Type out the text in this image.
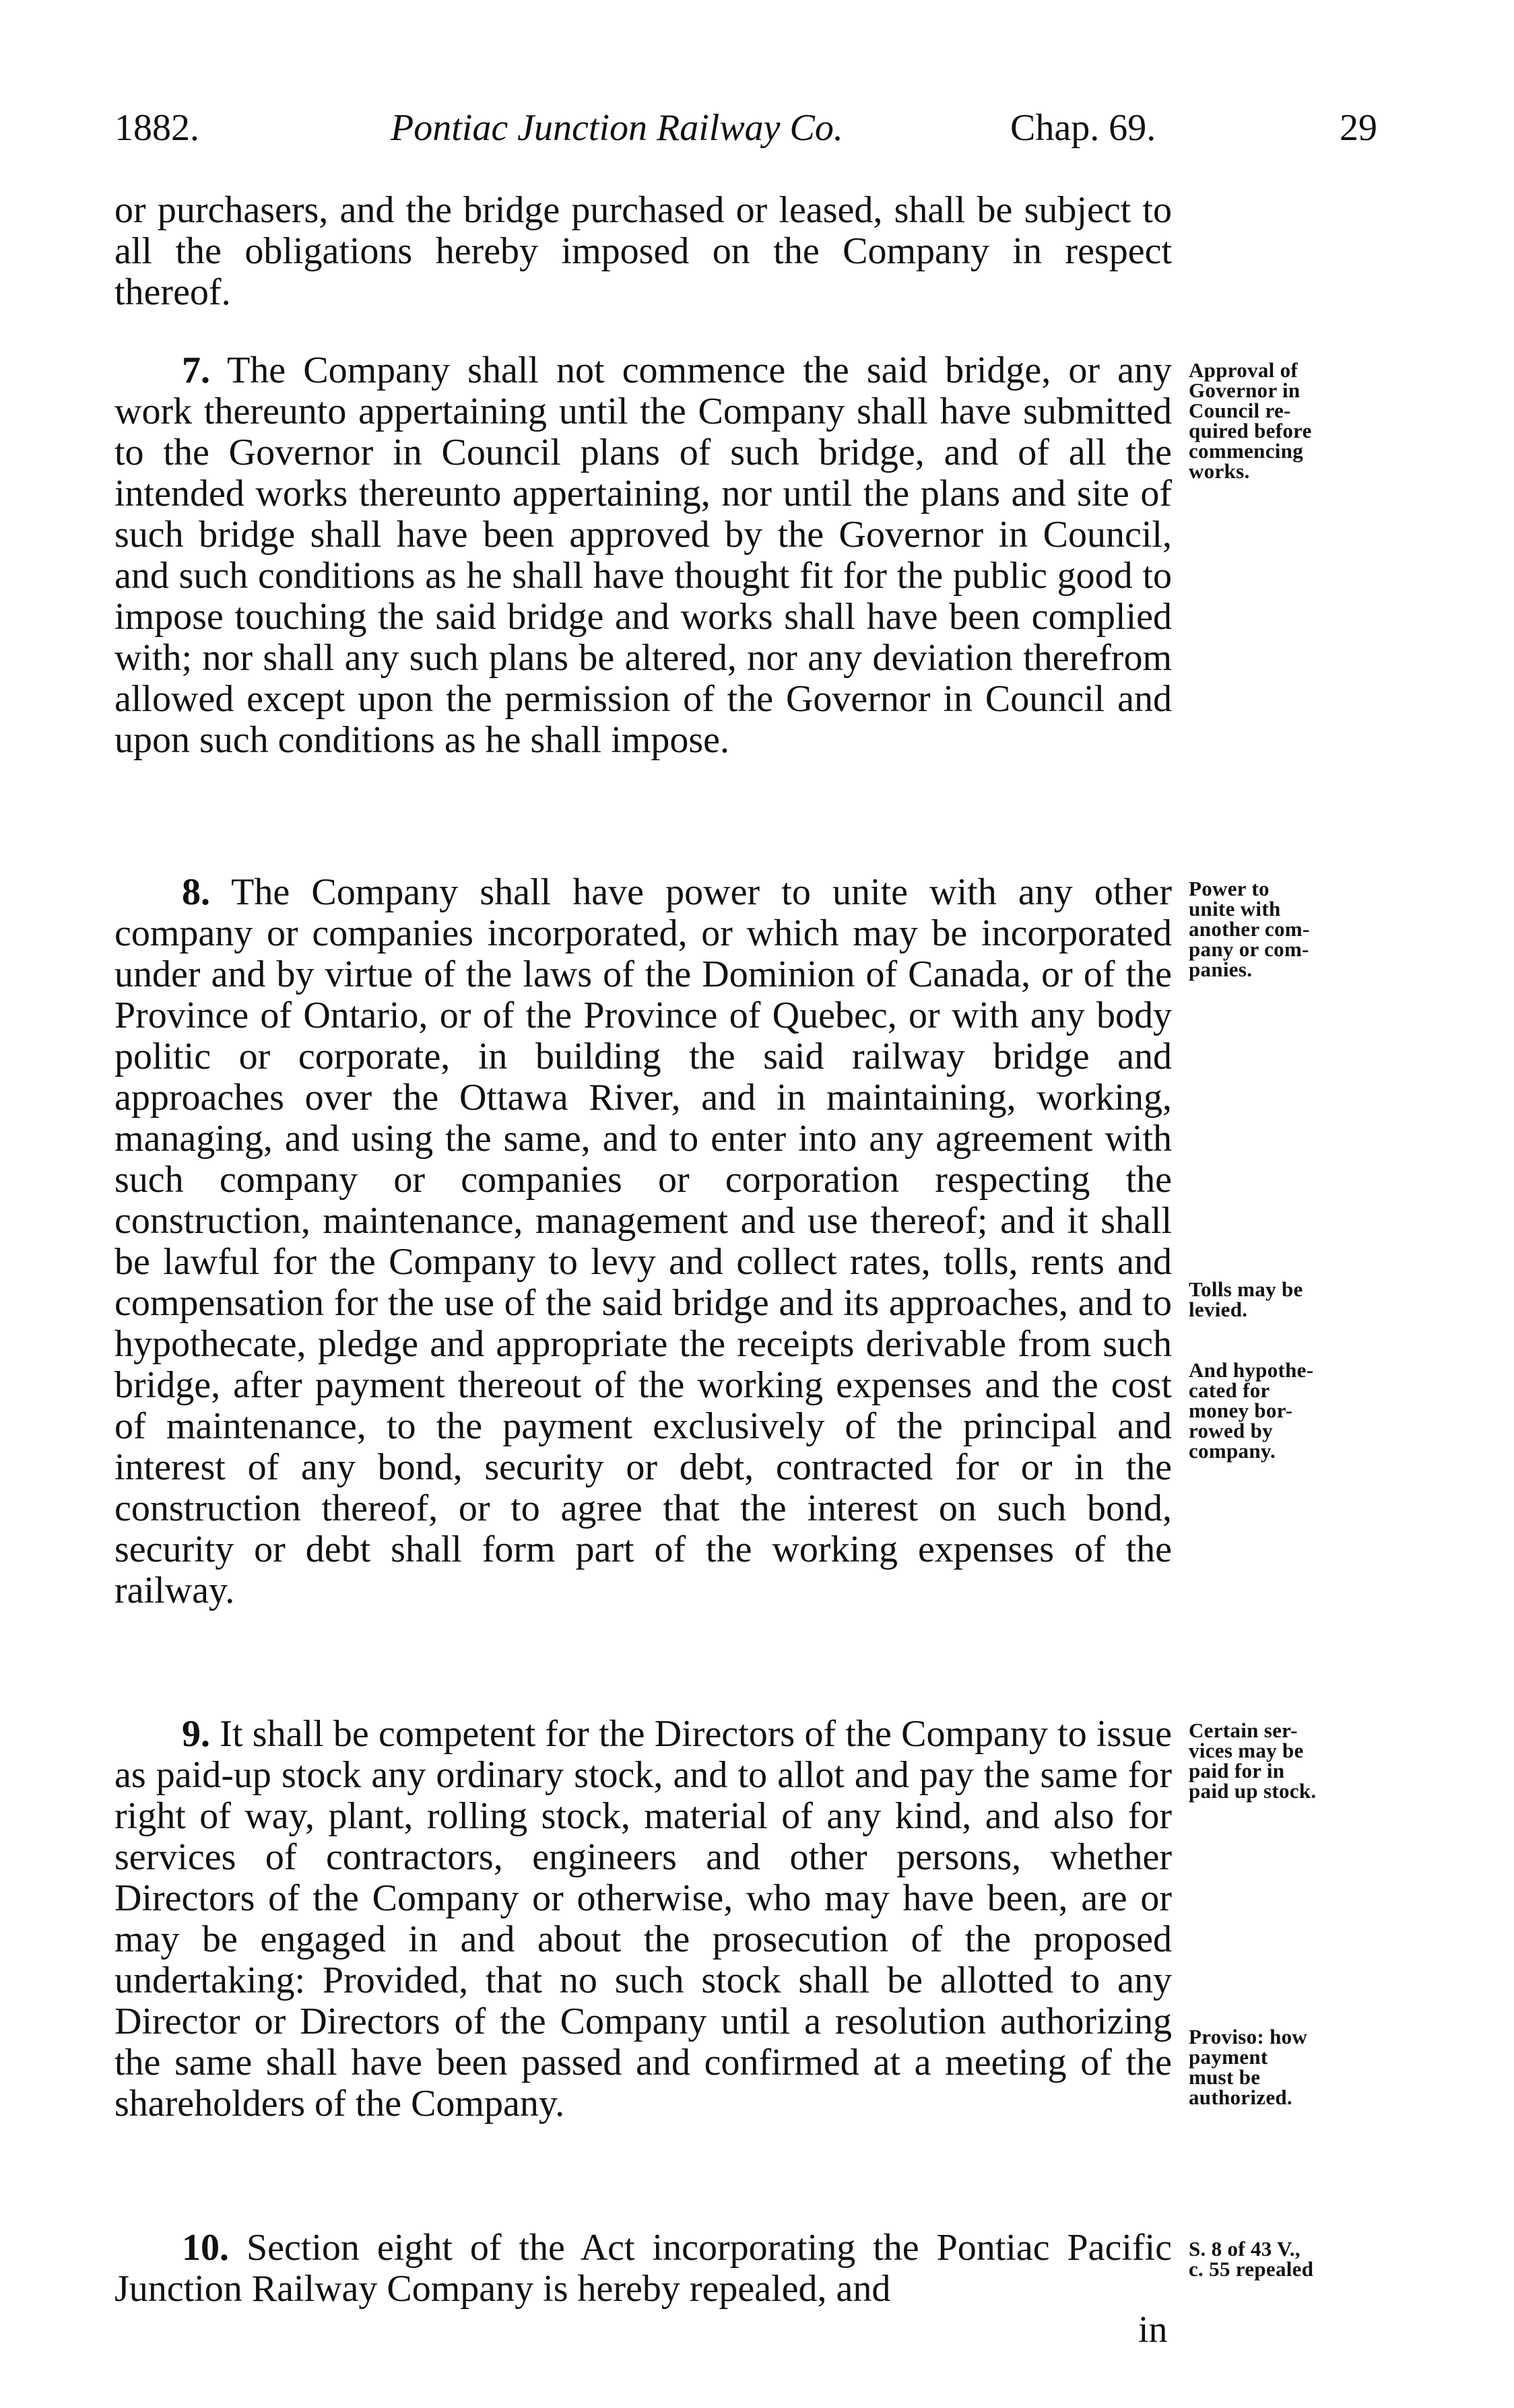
1882.	Pontiac Junction Railway Co.	Chap. 69.	29

or purchasers, and the bridge purchased or leased, shall be subject to all the obligations hereby imposed on the Company in respect thereof.

7. The Company shall not commence the said bridge, or any work thereunto appertaining until the Company shall have submitted to the Governor in Council plans of such bridge, and of all the intended works thereunto appertaining, nor until the plans and site of such bridge shall have been approved by the Governor in Council, and such conditions as he shall have thought fit for the public good to impose touching the said bridge and works shall have been complied with; nor shall any such plans be altered, nor any deviation therefrom allowed except upon the permission of the Governor in Council and upon such conditions as he shall impose.

8. The Company shall have power to unite with any other company or companies incorporated, or which may be incorporated under and by virtue of the laws of the Dominion of Canada, or of the Province of Ontario, or of the Province of Quebec, or with any body politic or corporate, in building the said railway bridge and approaches over the Ottawa River, and in maintaining, working, managing, and using the same, and to enter into any agreement with such company or companies or corporation respecting the construction, maintenance, management and use thereof; and it shall be lawful for the Company to levy and collect rates, tolls, rents and compensation for the use of the said bridge and its approaches, and to hypothecate, pledge and appropriate the receipts derivable from such bridge, after payment thereout of the working expenses and the cost of maintenance, to the payment exclusively of the principal and interest of any bond, security or debt, contracted for or in the construction thereof, or to agree that the interest on such bond, security or debt shall form part of the working expenses of the railway.

9. It shall be competent for the Directors of the Company to issue as paid-up stock any ordinary stock, and to allot and pay the same for right of way, plant, rolling stock, material of any kind, and also for services of contractors, engineers and other persons, whether Directors of the Company or otherwise, who may have been, are or may be engaged in and about the prosecution of the proposed undertaking: Provided, that no such stock shall be allotted to any Director or Directors of the Company until a resolution authorizing the same shall have been passed and confirmed at a meeting of the shareholders of the Company.

10. Section eight of the Act incorporating the Pontiac Pacific Junction Railway Company is hereby repealed, and

in
Approval of
Governor in
Council re-
quired before
commencing
works.
Power to
unite with
another com-
pany or com-
panies.
Tolls may be
levied.
And hypothe-
cated for
money bor-
rowed by
company.
Certain ser-
vices may be
paid for in
paid up stock.
Proviso: how
payment
must be
authorized.
S. 8 of 43 V.,
c. 55 repealed
